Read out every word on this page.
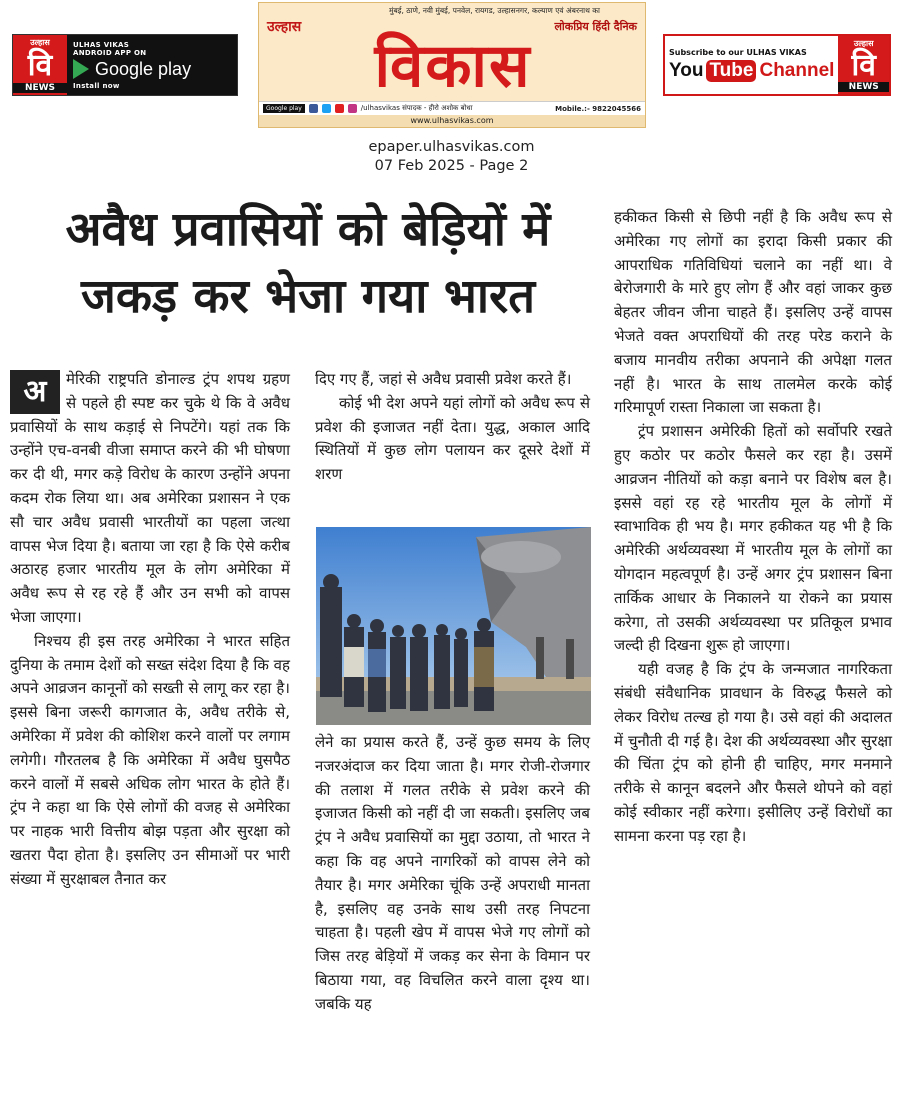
उल्हास
वि
NEWS
ULHAS VIKAS
ANDROID APP ON
Google play
Install now
मुंबई, ठाणे, नवी मुंबई, पनवेल, रायगड, उल्हासनगर, कल्याण एवं अंबरनाथ का
उल्हास	लोकप्रिय हिंदी दैनिक
विकास
Google play	/ulhasvikas संपादक - हीरो अशोक बोधा	Mobile.:- 9822045566
www.ulhasvikas.com
Subscribe to our ULHAS VIKAS
You Tube Channel
उल्हास
वि
NEWS
epaper.ulhasvikas.com
07 Feb 2025 - Page 2
अवैध प्रवासियों को बेड़ियों में
जकड़ कर भेजा गया भारत
अ	मेरिकी राष्ट्रपति डोनाल्ड ट्रंप शपथ ग्रहण से पहले ही स्पष्ट कर चुके थे कि वे अवैध प्रवासियों के साथ कड़ाई से निपटेंगे। यहां तक कि उन्होंने एच-वनबी वीजा समाप्त करने की भी घोषणा कर दी थी, मगर कड़े विरोध के कारण उन्होंने अपना कदम रोक लिया था। अब अमेरिका प्रशासन ने एक सौ चार अवैध प्रवासी भारतीयों का पहला जत्था वापस भेज दिया है। बताया जा रहा है कि ऐसे करीब अठारह हजार भारतीय मूल के लोग अमेरिका में अवैध रूप से रह रहे हैं और उन सभी को वापस भेजा जाएगा।

निश्चय ही इस तरह अमेरिका ने भारत सहित दुनिया के तमाम देशों को सख्त संदेश दिया है कि वह अपने आव्रजन कानूनों को सख्ती से लागू कर रहा है। इससे बिना जरूरी कागजात के, अवैध तरीके से, अमेरिका में प्रवेश की कोशिश करने वालों पर लगाम लगेगी। गौरतलब है कि अमेरिका में अवैध घुसपैठ करने वालों में सबसे अधिक लोग भारत के होते हैं। ट्रंप ने कहा था कि ऐसे लोगों की वजह से अमेरिका पर नाहक भारी वित्तीय बोझ पड़ता और सुरक्षा को खतरा पैदा होता है। इसलिए उन सीमाओं पर भारी संख्या में सुरक्षाबल तैनात कर

दिए गए हैं, जहां से अवैध प्रवासी प्रवेश करते हैं।

कोई भी देश अपने यहां लोगों को अवैध रूप से प्रवेश की इजाजत नहीं देता। युद्ध, अकाल आदि स्थितियों में कुछ लोग पलायन कर दूसरे देशों में शरण

लेने का प्रयास करते हैं, उन्हें कुछ समय के लिए नजरअंदाज कर दिया जाता है। मगर रोजी-रोजगार की तलाश में गलत तरीके से प्रवेश करने की इजाजत किसी को नहीं दी जा सकती। इसलिए जब ट्रंप ने अवैध प्रवासियों का मुद्दा उठाया, तो भारत ने कहा कि वह अपने नागरिकों को वापस लेने को तैयार है। मगर अमेरिका चूंकि उन्हें अपराधी मानता है, इसलिए वह उनके साथ उसी तरह निपटना चाहता है। पहली खेप में वापस भेजे गए लोगों को जिस तरह बेड़ियों में जकड़ कर सेना के विमान पर बिठाया गया, वह विचलित करने वाला दृश्य था। जबकि यह

हकीकत किसी से छिपी नहीं है कि अवैध रूप से अमेरिका गए लोगों का इरादा किसी प्रकार की आपराधिक गतिविधियां चलाने का नहीं था। वे बेरोजगारी के मारे हुए लोग हैं और वहां जाकर कुछ बेहतर जीवन जीना चाहते हैं। इसलिए उन्हें वापस भेजते वक्त अपराधियों की तरह परेड कराने के बजाय मानवीय तरीका अपनाने की अपेक्षा गलत नहीं है। भारत के साथ तालमेल करके कोई गरिमापूर्ण रास्ता निकाला जा सकता है।

ट्रंप प्रशासन अमेरिकी हितों को सर्वोपरि रखते हुए कठोर पर कठोर फैसले कर रहा है। उसमें आव्रजन नीतियों को कड़ा बनाने पर विशेष बल है। इससे वहां रह रहे भारतीय मूल के लोगों में स्वाभाविक ही भय है। मगर हकीकत यह भी है कि अमेरिकी अर्थव्यवस्था में भारतीय मूल के लोगों का योगदान महत्वपूर्ण है। उन्हें अगर ट्रंप प्रशासन बिना तार्किक आधार के निकालने या रोकने का प्रयास करेगा, तो उसकी अर्थव्यवस्था पर प्रतिकूल प्रभाव जल्दी ही दिखना शुरू हो जाएगा।

यही वजह है कि ट्रंप के जन्मजात नागरिकता संबंधी संवैधानिक प्रावधान के विरुद्ध फैसले को लेकर विरोध तल्ख हो गया है। उसे वहां की अदालत में चुनौती दी गई है। देश की अर्थव्यवस्था और सुरक्षा की चिंता ट्रंप को होनी ही चाहिए, मगर मनमाने तरीके से कानून बदलने और फैसले थोपने को वहां कोई स्वीकार नहीं करेगा। इसीलिए उन्हें विरोधों का सामना करना पड़ रहा है।
